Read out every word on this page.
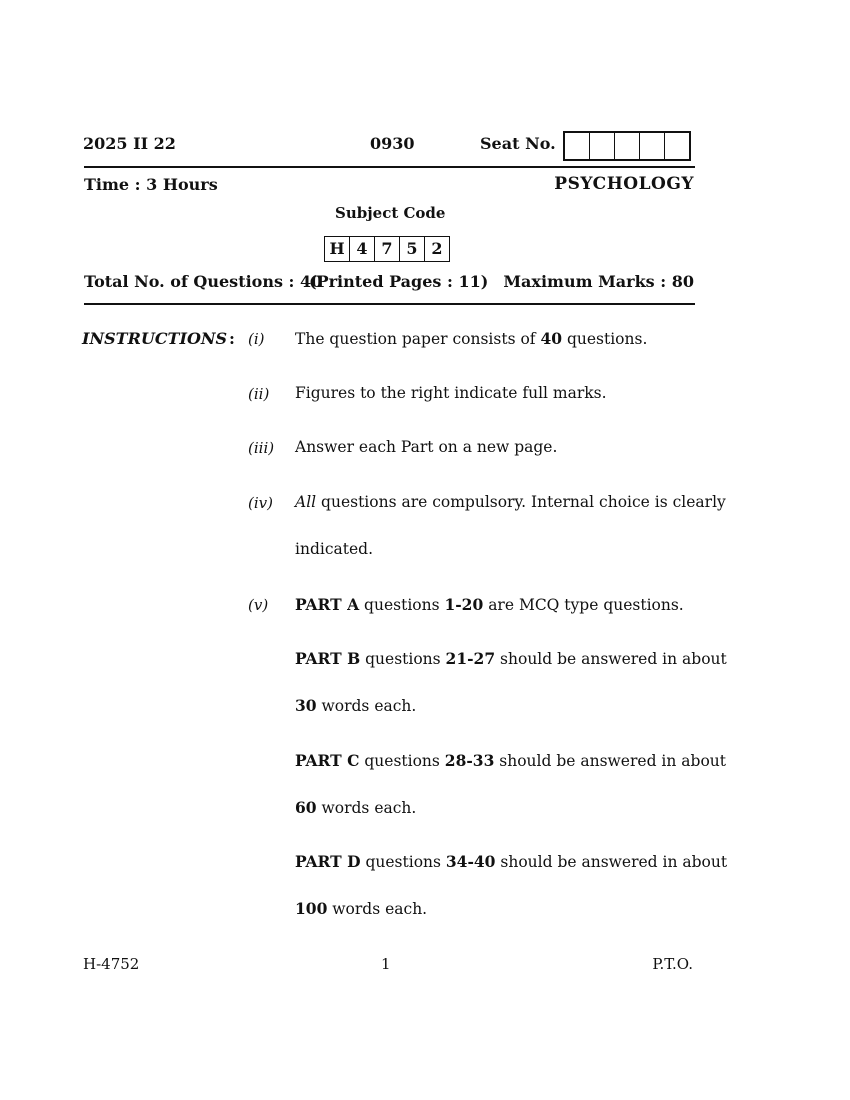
2025 II 22	0930	Seat No.
Time : 3 Hours	PSYCHOLOGY
Subject Code
H 4 7 5 2
Total No. of Questions : 40
(Printed Pages : 11) Maximum Marks : 80
INSTRUCTIONS : (i) The question paper consists of 40 questions.
(ii) Figures to the right indicate full marks.
(iii) Answer each Part on a new page.
(iv) All questions are compulsory. Internal choice is clearly
indicated.
(v) PART A questions 1-20 are MCQ type questions.
PART B questions 21-27 should be answered in about
30 words each.
PART C questions 28-33 should be answered in about
60 words each.
PART D questions 34-40 should be answered in about
100 words each.
H-4752	1	P.T.O.
